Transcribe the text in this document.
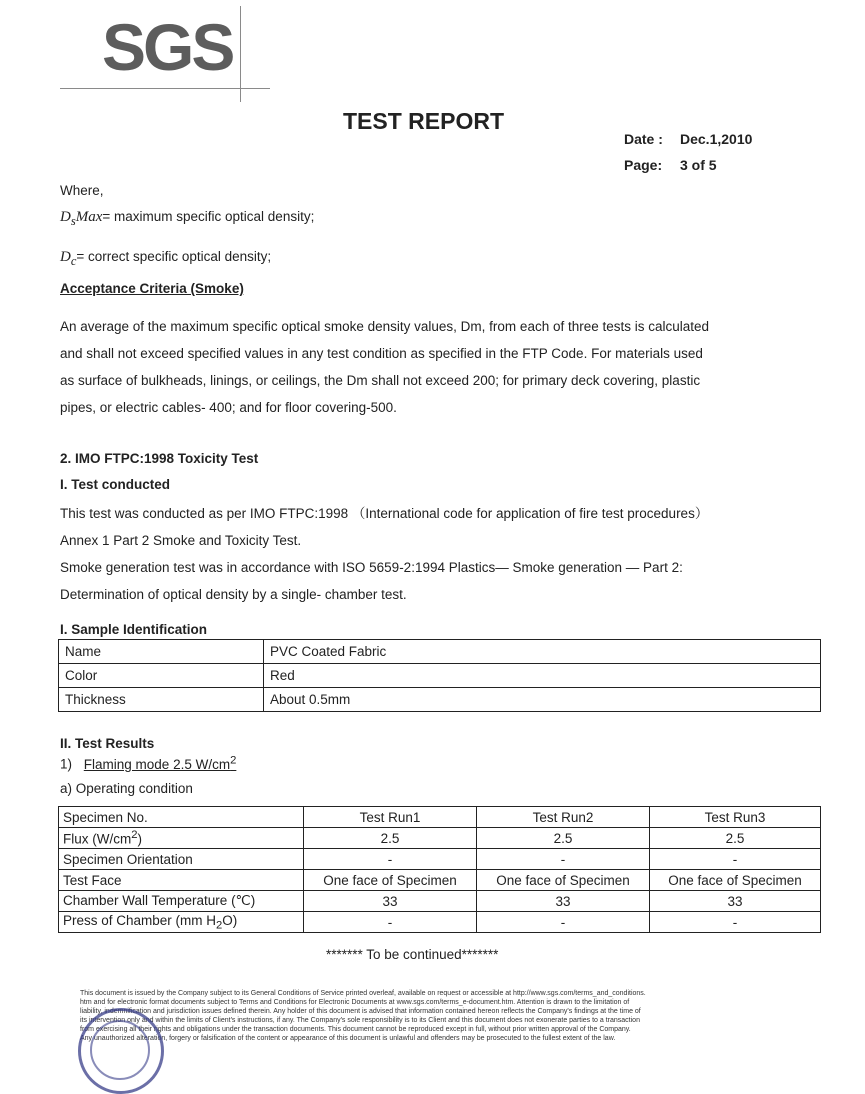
SGS
TEST REPORT
Date : Dec.1,2010
Page: 3 of 5
Where,
$D_sMax=$ maximum specific optical density;
$D_c=$ correct specific optical density;
Acceptance Criteria (Smoke)
An average of the maximum specific optical smoke density values, Dm, from each of three tests is calculated
and shall not exceed specified values in any test condition as specified in the FTP Code. For materials used
as surface of bulkheads, linings, or ceilings, the Dm shall not exceed 200; for primary deck covering, plastic
pipes, or electric cables- 400; and for floor covering-500.
2. IMO FTPC:1998 Toxicity Test
I. Test conducted
This test was conducted as per IMO FTPC:1998 （International code for application of fire test procedures）
Annex 1 Part 2 Smoke and Toxicity Test.
Smoke generation test was in accordance with ISO 5659-2:1994 Plastics— Smoke generation — Part 2:
Determination of optical density by a single- chamber test.
I. Sample Identification
Name	PVC Coated Fabric
Color	Red
Thickness	About 0.5mm
II. Test Results
1) Flaming mode 2.5 $W/cm^2$
a) Operating condition
Specimen No.	Test Run1	Test Run2	Test Run3
Flux $(W/cm^2)$	2.5	2.5	2.5
Specimen Orientation	-	-	-
Test Face	One face of Specimen	One face of Specimen	One face of Specimen
Chamber Wall Temperature (℃)	33	33	33
Press of Chamber (mm $H_2O$)	-	-	-
******* To be continued*******
This document is issued by the Company subject to its General Conditions of Service printed overleaf, available on request or accessible at http://www.sgs.com/terms_and_conditions.
htm and for electronic format documents subject to Terms and Conditions for Electronic Documents at www.sgs.com/terms_e-document.htm. Attention is drawn to the limitation of
liability, indemnification and jurisdiction issues defined therein. Any holder of this document is advised that information contained hereon reflects the Company's findings at the time of
its intervention only and within the limits of Client's instructions, if any. The Company's sole responsibility is to its Client and this document does not exonerate parties to a transaction
from exercising all their rights and obligations under the transaction documents. This document cannot be reproduced except in full, without prior written approval of the Company.
Any unauthorized alteration, forgery or falsification of the content or appearance of this document is unlawful and offenders may be prosecuted to the fullest extent of the law.
